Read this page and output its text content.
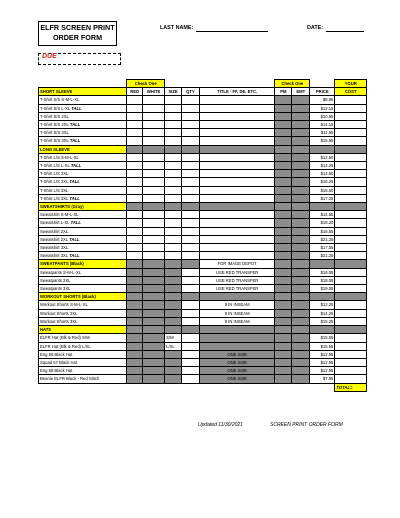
ELFR SCREEN PRINT
ORDER FORM
LAST NAME:	DATE:
DUE
	Check One					Check One			YOUR
SHORT SLEEVE	RED	WHITE	SIZE	QTY	TITLE - FF, DE, ETC.	PM	EMT	PRICE	COST
T-Shirt S/S S-M-L-XL								$8.95	
T-Shirt S/S L-XL TALL								$12.15	
T-Shirt S/S 2XL								$10.95	
T-Shirt S/S 2XL TALL								$14.15	
T-Shirt S/S 3XL								$11.95	
T-Shirt S/S 3XL TALL								$15.95	
LONG SLEEVE									
T-Shirt L/S S-M-L-XL								$12.50	
T-Shirt L/S L-XL TALL								$14.25	
T-Shirt L/S 2XL								$14.50	
T-Shirt L/S 2XL TALL								$16.25	
T-Shirt L/S 3XL								$15.50	
T-Shirt L/S 3XL TALL								$17.25	
SWEATSHIRTS (Gray)									
Sweatshirt S-M-L-XL								$14.55	
Sweatshirt L-XL TALL								$18.20	
Sweatshirt 2XL								$16.55	
Sweatshirt 2XL TALL								$21.20	
Sweatshirt 3XL								$17.55	
Sweatshirt 3XL TALL								$21.20	
SWEATPANTS (Black)					FOR IMAGE DEPOT				
Sweatpants S-M-L-XL					USE RED TRANSFER			$16.05	
Sweatpants 2XL					USE RED TRANSFER			$18.05	
Sweatpants 3XL					USE RED TRANSFER			$19.05	
WORKOUT SHORTS (Black)									
Workout Shorts S-M-L-XL					9 IN INSEAM			$12.25	
Workout Shorts 2XL					9 IN INSEAM			$14.25	
Workout Shorts 3XL					9 IN INSEAM			$15.25	
HATS									
ELFR Hat (Blk & Red) S/M			S/M					$15.55	
ELFR Hat (Blk & Red) L/XL			L/XL					$15.55	
Eng 56 Black Hat					ONE SIZE			$12.95	
Squad 57 Black Hat					ONE SIZE			$12.95	
Eng 58 Black Hat					ONE SIZE			$12.95	
Beanie ELFR Black - Red Stitch					ONE SIZE			$7.95	
									TOTAL=
Updated 11/30/2021	SCREEN PRINT ORDER FORM
